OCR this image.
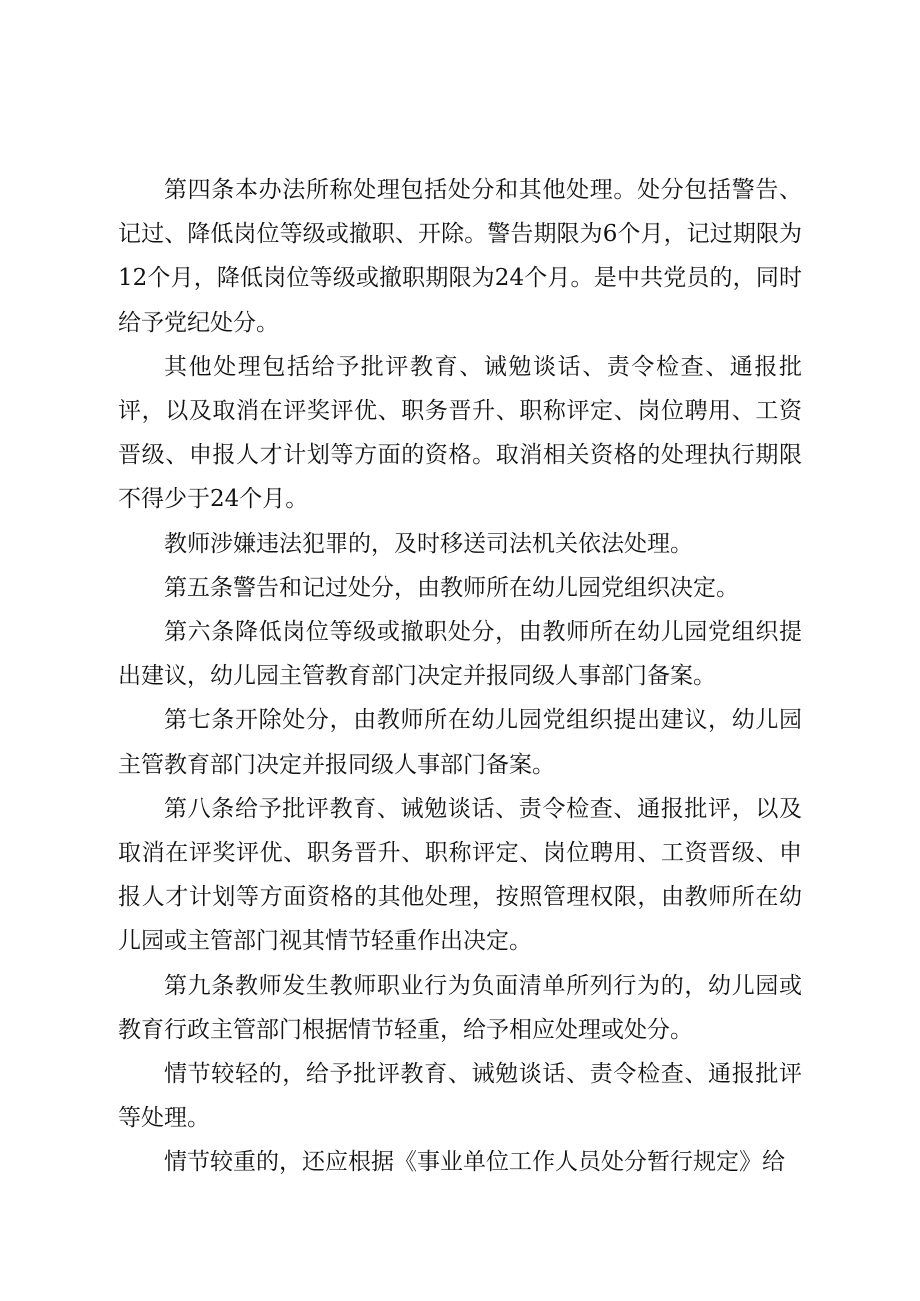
第四条本办法所称处理包括处分和其他处理。处分包括警告、记过、降低岗位等级或撤职、开除。警告期限为6个月，记过期限为12个月，降低岗位等级或撤职期限为24个月。是中共党员的，同时给予党纪处分。

其他处理包括给予批评教育、诫勉谈话、责令检查、通报批评，以及取消在评奖评优、职务晋升、职称评定、岗位聘用、工资晋级、申报人才计划等方面的资格。取消相关资格的处理执行期限不得少于24个月。

教师涉嫌违法犯罪的，及时移送司法机关依法处理。

第五条警告和记过处分，由教师所在幼儿园党组织决定。

第六条降低岗位等级或撤职处分，由教师所在幼儿园党组织提出建议，幼儿园主管教育部门决定并报同级人事部门备案。

第七条开除处分，由教师所在幼儿园党组织提出建议，幼儿园主管教育部门决定并报同级人事部门备案。

第八条给予批评教育、诫勉谈话、责令检查、通报批评，以及取消在评奖评优、职务晋升、职称评定、岗位聘用、工资晋级、申报人才计划等方面资格的其他处理，按照管理权限，由教师所在幼儿园或主管部门视其情节轻重作出决定。

第九条教师发生教师职业行为负面清单所列行为的，幼儿园或教育行政主管部门根据情节轻重，给予相应处理或处分。

情节较轻的，给予批评教育、诫勉谈话、责令检查、通报批评等处理。

情节较重的，还应根据《事业单位工作人员处分暂行规定》给
